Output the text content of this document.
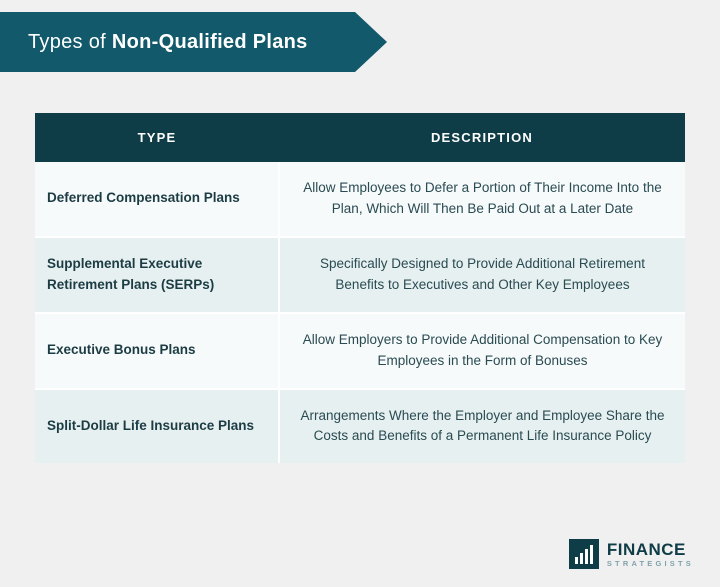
Types of Non-Qualified Plans
TYPE	DESCRIPTION
Deferred Compensation Plans	Allow Employees to Defer a Portion of Their Income Into the Plan, Which Will Then Be Paid Out at a Later Date
Supplemental Executive Retirement Plans (SERPs)	Specifically Designed to Provide Additional Retirement Benefits to Executives and Other Key Employees
Executive Bonus Plans	Allow Employers to Provide Additional Compensation to Key Employees in the Form of Bonuses
Split-Dollar Life Insurance Plans	Arrangements Where the Employer and Employee Share the Costs and Benefits of a Permanent Life Insurance Policy
FINANCE
STRATEGISTS
